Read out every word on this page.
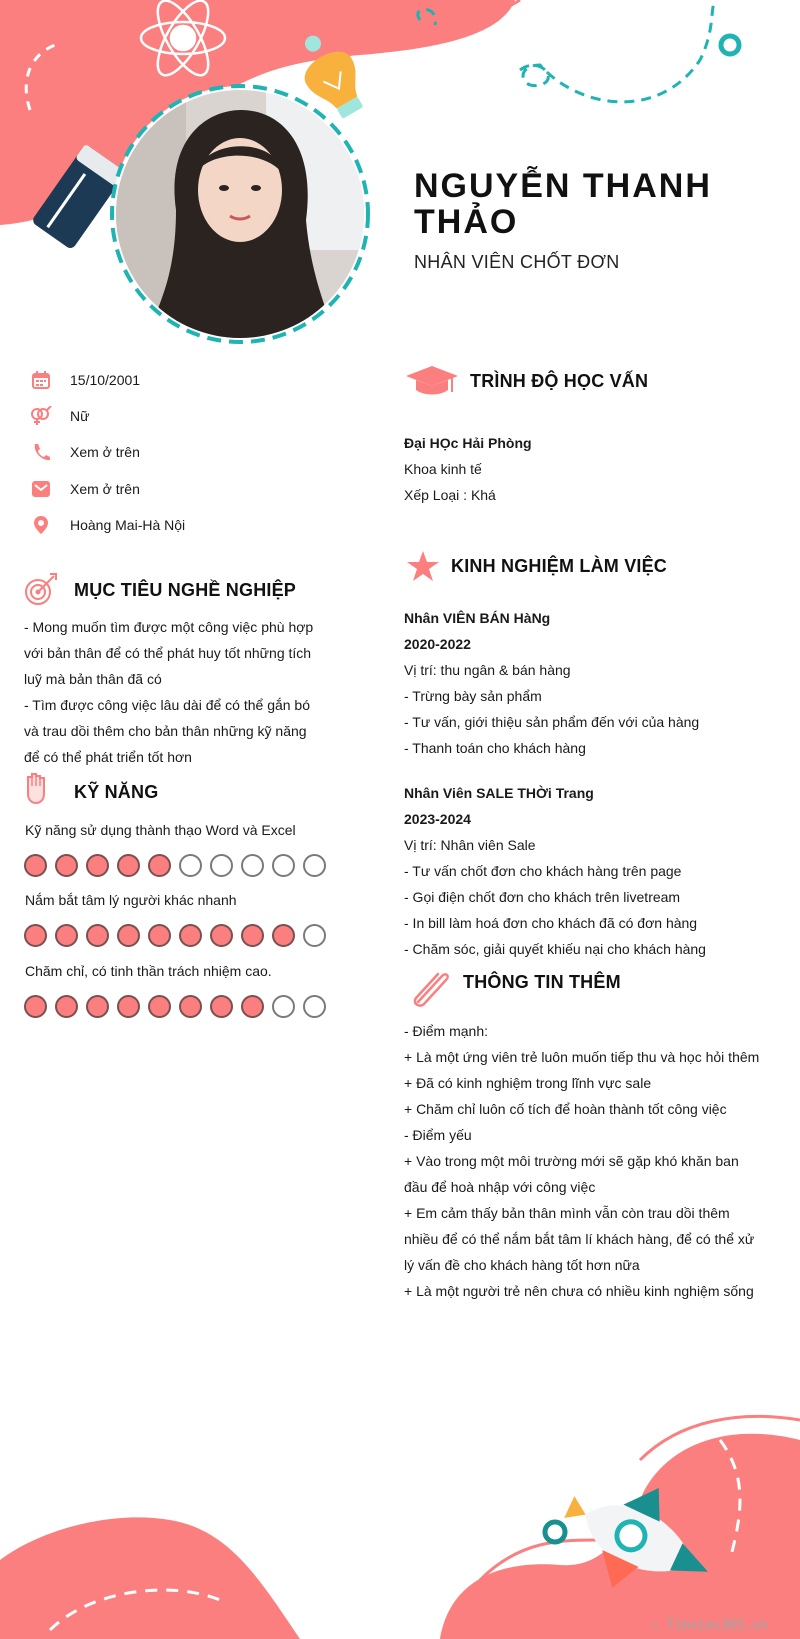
NGUYỄN THANH THẢO
NHÂN VIÊN CHỐT ĐƠN
15/10/2001
Nữ
Xem ở trên
Xem ở trên
Hoàng Mai-Hà Nội
MỤC TIÊU NGHỀ NGHIỆP
- Mong muốn tìm được một công việc phù hợp
với bản thân để có thể phát huy tốt những tích
luỹ mà bản thân đã có
- Tìm được công việc lâu dài để có thể gắn bó
và trau dồi thêm cho bản thân những kỹ năng
để có thể phát triển tốt hơn
KỸ NĂNG
Kỹ năng sử dụng thành thạo Word và Excel
Nắm bắt tâm lý người khác nhanh
Chăm chỉ, có tinh thần trách nhiệm cao.
TRÌNH ĐỘ HỌC VẤN
Đại HỌc Hải Phòng
Khoa kinh tế
Xếp Loại : Khá
KINH NGHIỆM LÀM VIỆC
Nhân VIÊN BÁN HàNg
2020-2022
Vị trí: thu ngân & bán hàng
- Trừng bày sản phẩm
- Tư vấn, giới thiệu sản phẩm đến với của hàng
- Thanh toán cho khách hàng
Nhân Viên SALE THỜi Trang
2023-2024
Vị trí: Nhân viên Sale
- Tư vấn chốt đơn cho khách hàng trên page
- Gọi điện chốt đơn cho khách trên livetream
- In bill làm hoá đơn cho khách đã có đơn hàng
- Chăm sóc, giải quyết khiếu nại cho khách hàng
THÔNG TIN THÊM
- Điểm mạnh:
+ Là một ứng viên trẻ luôn muốn tiếp thu và học hỏi thêm
+ Đã có kinh nghiệm trong lĩnh vực sale
+ Chăm chỉ luôn cố tích để hoàn thành tốt công việc
- Điểm yếu
+ Vào trong một môi trường mới sẽ gặp khó khăn ban
đầu để hoà nhập với công việc
+ Em cảm thấy bản thân mình vẫn còn trau dồi thêm
nhiều để có thể nắm bắt tâm lí khách hàng, để có thể xử
lý vấn đề cho khách hàng tốt hơn nữa
+ Là một người trẻ nên chưa có nhiều kinh nghiệm sống
∴ Timviec365.vn
